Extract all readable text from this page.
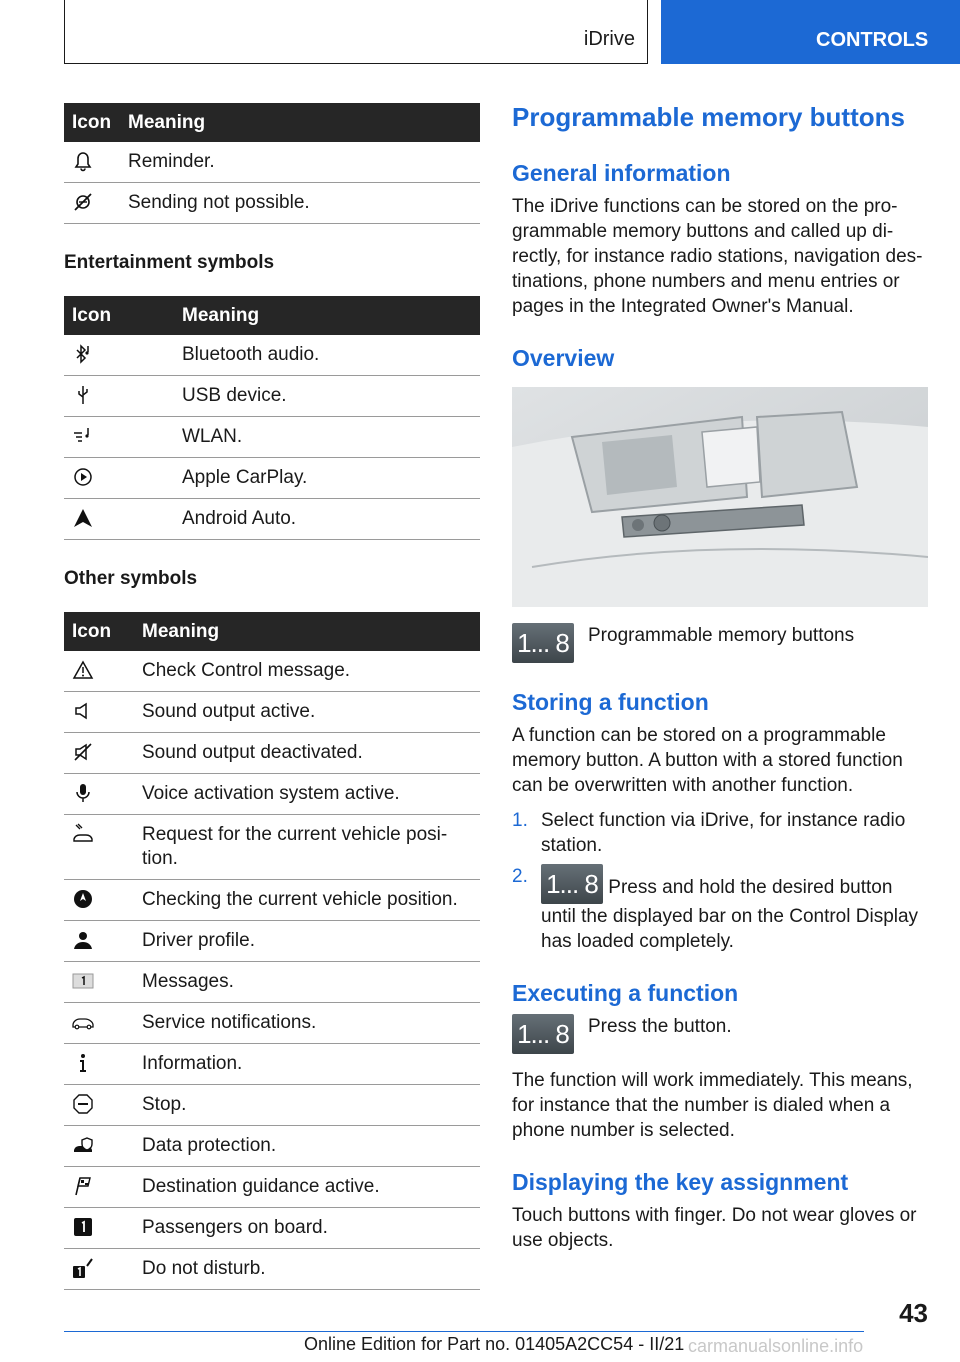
iDrive	CONTROLS
Icon	Meaning

	Reminder.

	Sending not possible.
Entertainment symbols
Icon	Meaning

	Bluetooth audio.

	USB device.

	WLAN.

	Apple CarPlay.

	Android Auto.
Other symbols
Icon	Meaning

	Check Control message.

	Sound output active.

	Sound output deactivated.

	Voice activation system active.

	Request for the current vehicle posi-tion.

	Checking the current vehicle position.

	Driver profile.

	Messages.

	Service notifications.

	Information.

	Stop.

	Data protection.

	Destination guidance active.

	Passengers on board.

	Do not disturb.
Programmable memory buttons
General information

The iDrive functions can be stored on the pro-grammable memory buttons and called up di-rectly, for instance radio stations, navigation des-tinations, phone numbers and menu entries or pages in the Integrated Owner's Manual.

Overview
1... 8 Programmable memory buttons
Storing a function

A function can be stored on a programmable memory button. A button with a stored function can be overwritten with another function.

1. Select function via iDrive, for instance radio station.
2. 1... 8 Press and hold the desired button until the displayed bar on the Control Display has loaded completely.
Executing a function
1... 8 Press the button.

The function will work immediately. This means, for instance that the number is dialed when a phone number is selected.

Displaying the key assignment

Touch buttons with finger. Do not wear gloves or use objects.

43
Online Edition for Part no. 01405A2CC54 - II/21 carmanualsonline.info
